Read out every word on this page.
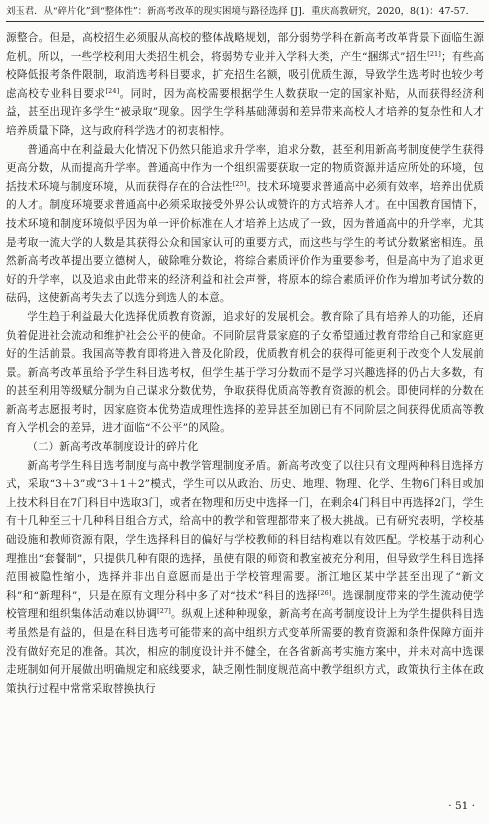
刘玉君．从“碎片化”到“整体性”：新高考改革的现实困境与路径选择 [J]．重庆高教研究，2020，8(1)：47-57.

源整合。但是，高校招生必须服从高校的整体战略规划，部分弱势学科在新高考改革背景下面临生源危机。所以，一些学校利用大类招生机会，将弱势专业并入学科大类，产生“捆绑式”招生[21]；有些高校降低报考条件限制，取消选考科目要求，扩充招生名额，吸引优质生源，导致学生选考时也较少考虑高校专业科目要求[24]。同时，因为高校需要根据学生人数获取一定的国家补贴，从而获得经济利益，甚至出现许多学生“被录取”现象。因学生学科基础薄弱和差异带来高校人才培养的复杂性和人才培养质量下降，这与政府科学选才的初衷相悖。

普通高中在利益最大化情况下仍然只能追求升学率，追求分数，甚至利用新高考制度使学生获得更高分数，从而提高升学率。普通高中作为一个组织需要获取一定的物质资源并适应所处的环境，包括技术环境与制度环境，从而获得存在的合法性[25]。技术环境要求普通高中必须有效率，培养出优质的人才。制度环境要求普通高中必须采取接受外界公认或赞许的方式培养人才。在中国教育国情下，技术环境和制度环境似乎因为单一评价标准在人才培养上达成了一致，因为普通高中的升学率，尤其是考取一流大学的人数是其获得公众和国家认可的重要方式，而这些与学生的考试分数紧密相连。虽然新高考改革提出要立德树人，破除唯分数论，将综合素质评价作为重要参考，但是高中为了追求更好的升学率，以及追求由此带来的经济利益和社会声誉，将原本的综合素质评价作为增加考试分数的砝码，这使新高考失去了以选分到选人的本意。

学生趋于利益最大化选择优质教育资源，追求好的发展机会。教育除了具有培养人的功能，还肩负着促进社会流动和维护社会公平的使命。不同阶层背景家庭的子女希望通过教育带给自己和家庭更好的生活前景。我国高等教育即将进入普及化阶段，优质教育机会的获得可能更利于改变个人发展前景。新高考改革虽给予学生科目选考权，但学生基于学习分数而不是学习兴趣选择的仍占大多数，有的甚至利用等级赋分制为自己谋求分数优势，争取获得优质高等教育资源的机会。即使同样的分数在新高考志愿报考时，因家庭资本优势造成理性选择的差异甚至加剧已有不同阶层之间获得优质高等教育入学机会的差异，进才面临“不公平”的风险。

（二）新高考改革制度设计的碎片化

新高考学生科目选考制度与高中教学管理制度矛盾。新高考改变了以往只有文理两种科目选择方式，采取“3＋3”或“3＋1＋2”模式，学生可以从政治、历史、地理、物理、化学、生物6门科目或加上技术科目在7门科目中选取3门，或者在物理和历史中选择一门，在剩余4门科目中再选择2门，学生有十几种至三十几种科目组合方式，给高中的教学和管理都带来了极大挑战。已有研究表明，学校基础设施和教师资源有限，学生选择科目的偏好与学校教师的科目结构难以有效匹配。学校基于动利心理推出“套餐制”，只提供几种有限的选择，虽使有限的师资和教室被充分利用，但导致学生科目选择范围被隐性缩小，选择并非出自意愿而是出于学校管理需要。浙江地区某中学甚至出现了“新文科”和“新理科”，只是在原有文理分科中多了对“技术”科目的选择[26]。选课制度带来的学生流动使学校管理和组织集体活动难以协调[27]。纵观上述种种现象，新高考在高考制度设计上为学生提供科目选考虽然是有益的，但是在科目选考可能带来的高中组织方式变革所需要的教育资源和条件保障方面并没有做好充足的准备。其次，相应的制度设计并不健全，在各省新高考实施方案中，并未对高中选课走班制如何开展做出明确规定和底线要求，缺乏刚性制度规范高中教学组织方式，政策执行主体在政策执行过程中常常采取替换执行

· 51 ·
